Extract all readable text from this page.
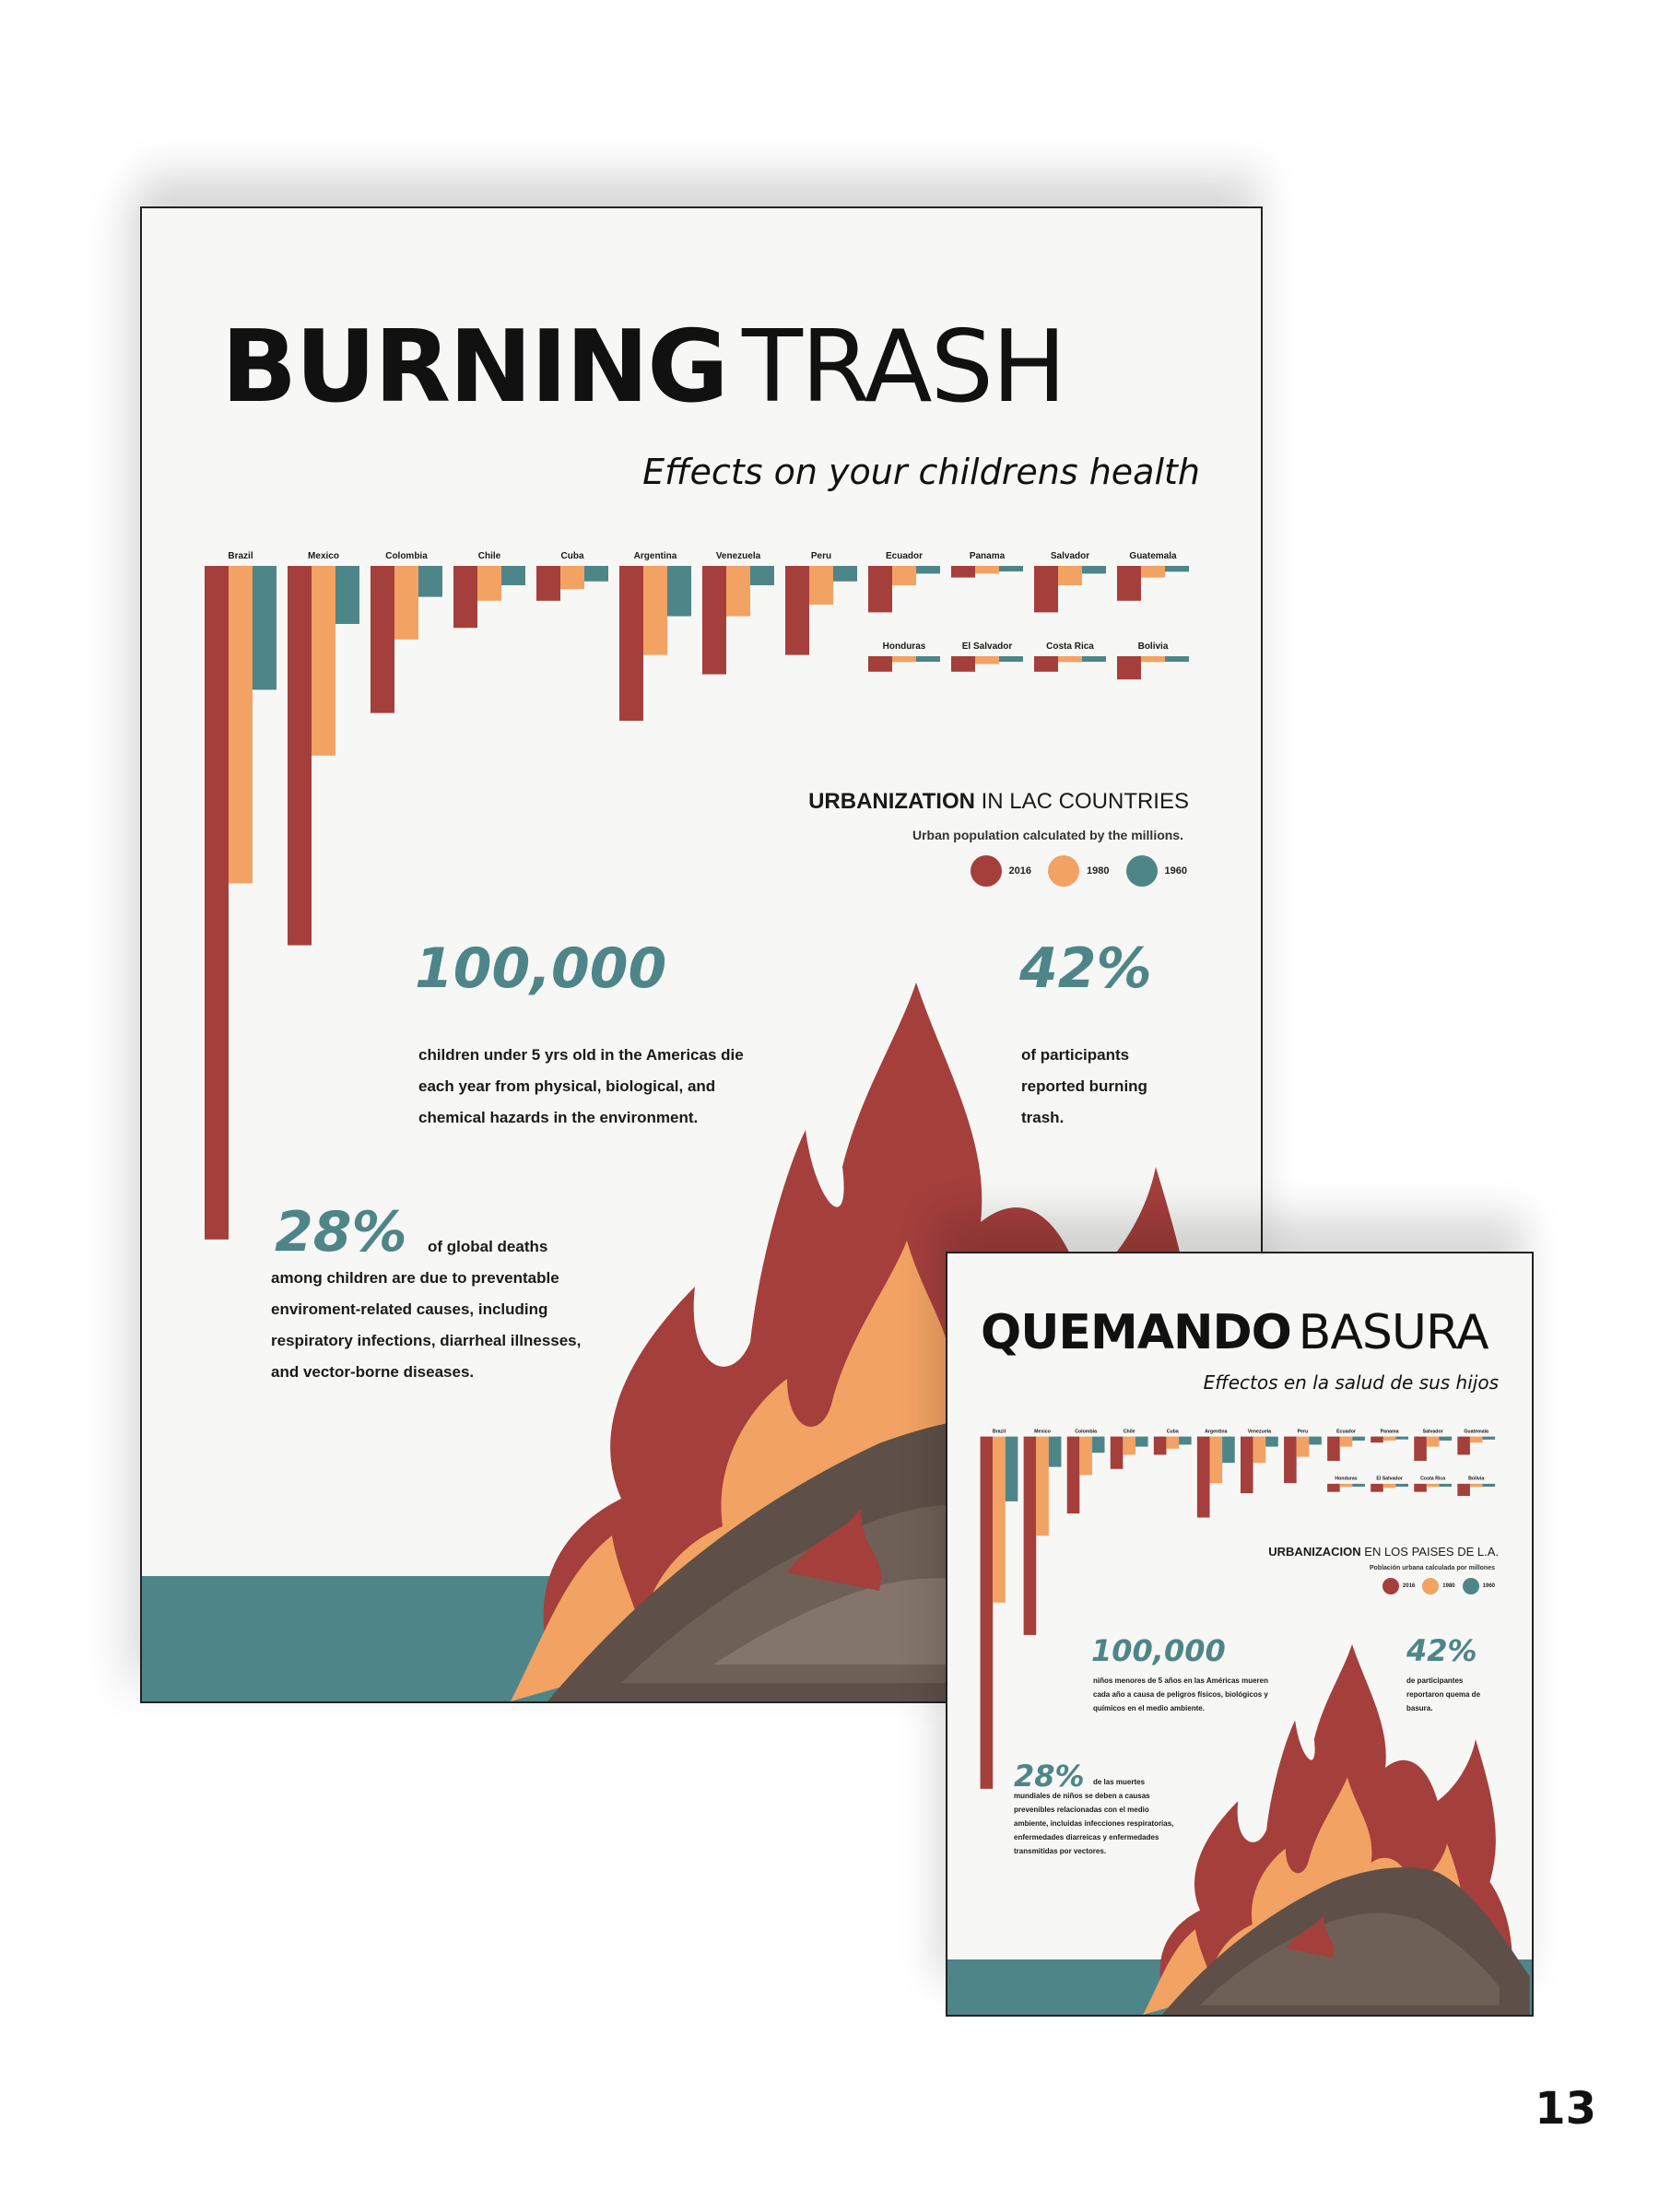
BURNING TRASH
Effects on your childrens health
Brazil	Mexico	Colombia	Chile	Cuba	Argentina	Venezuela	Peru	Ecuador	Panama	Salvador	Guatemala
Honduras	El Salvador	Costa Rica	Bolivia
URBANIZATION IN LAC COUNTRIES
Urban population calculated by the millions.
2016	1980	1960
100,000
children under 5 yrs old in the Americas die each year from physical, biological, and chemical hazards in the environment.
42%
of participants reported burning trash.
28%	of global deaths among children are due to preventable enviroment-related causes, including respiratory infections, diarrheal illnesses, and vector-borne diseases.
QUEMANDO BASURA
Effectos en la salud de sus hijos
Brazil	Mexico	Colombia	Chile	Cuba	Argentina	Venezuela	Peru	Ecuador	Panama	Salvador	Guatemala
Honduras	El Salvador	Costa Rica	Bolivia
URBANIZACION EN LOS PAISES DE L.A.
Población urbana calculada por millones
2016	1980	1960
100,000
niños menores de 5 años en las Américas mueren cada año a causa de peligros físicos, biológicos y químicos en el medio ambiente.
42%
de participantes reportaron quema de basura.
28%	de las muertes mundiales de niños se deben a causas prevenibles relacionadas con el medio ambiente, incluidas infecciones respiratorias, enfermedades diarreicas y enfermedades transmitidas por vectores.
13
